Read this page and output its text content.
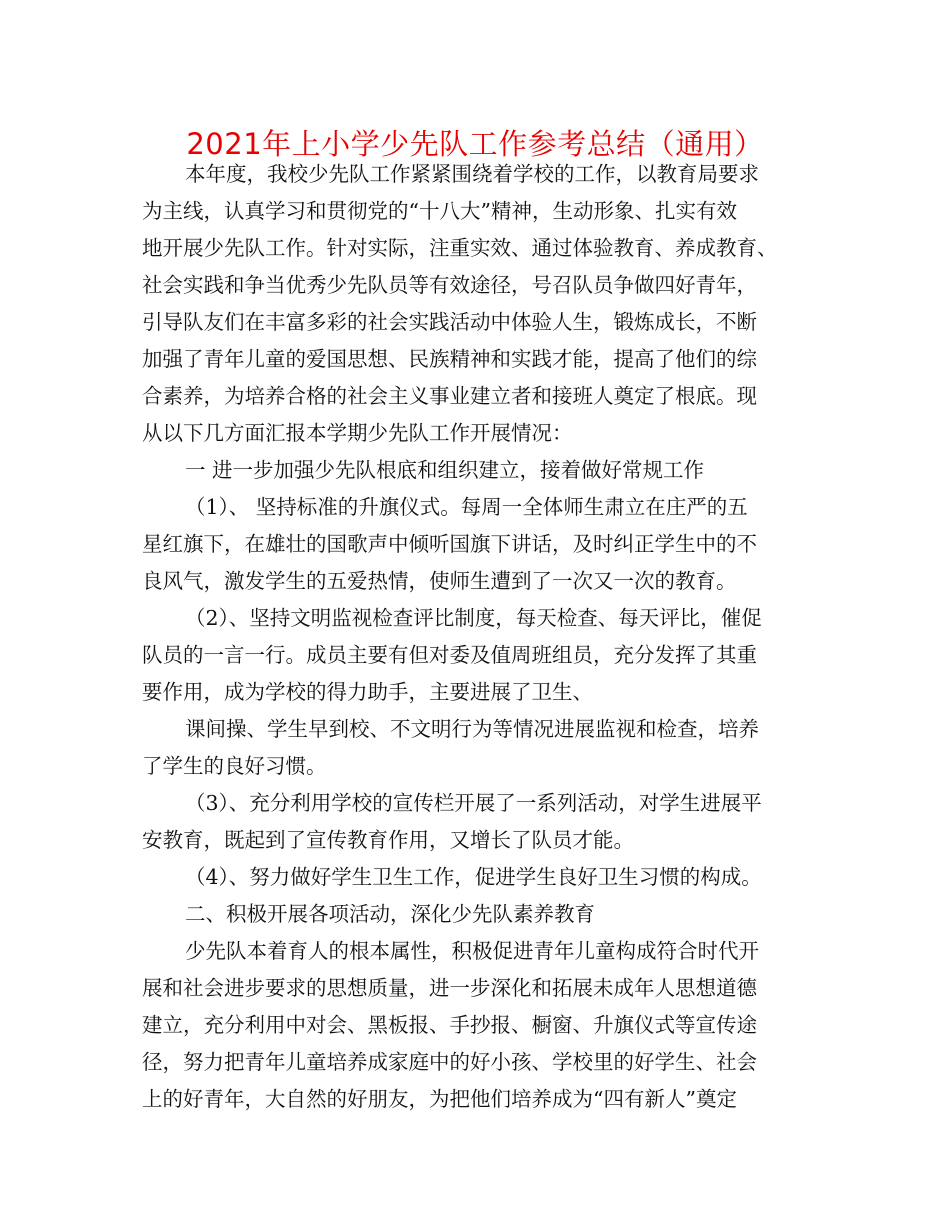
2021年上小学少先队工作参考总结（通用）
本年度，我校少先队工作紧紧围绕着学校的工作，以教育局要求
为主线，认真学习和贯彻党的“十八大”精神，生动形象、扎实有效
地开展少先队工作。针对实际，注重实效、通过体验教育、养成教育、
社会实践和争当优秀少先队员等有效途径，号召队员争做四好青年，
引导队友们在丰富多彩的社会实践活动中体验人生，锻炼成长，不断
加强了青年儿童的爱国思想、民族精神和实践才能，提高了他们的综
合素养，为培养合格的社会主义事业建立者和接班人奠定了根底。现
从以下几方面汇报本学期少先队工作开展情况：
一 进一步加强少先队根底和组织建立，接着做好常规工作
（1）、 坚持标准的升旗仪式。每周一全体师生肃立在庄严的五
星红旗下，在雄壮的国歌声中倾听国旗下讲话，及时纠正学生中的不
良风气，激发学生的五爱热情，使师生遭到了一次又一次的教育。
（2）、坚持文明监视检查评比制度，每天检查、每天评比，催促
队员的一言一行。成员主要有但对委及值周班组员，充分发挥了其重
要作用，成为学校的得力助手，主要进展了卫生、
课间操、学生早到校、不文明行为等情况进展监视和检查，培养
了学生的良好习惯。
（3）、充分利用学校的宣传栏开展了一系列活动，对学生进展平
安教育，既起到了宣传教育作用，又增长了队员才能。
（4）、努力做好学生卫生工作，促进学生良好卫生习惯的构成。
二、积极开展各项活动，深化少先队素养教育
少先队本着育人的根本属性，积极促进青年儿童构成符合时代开
展和社会进步要求的思想质量，进一步深化和拓展未成年人思想道德
建立，充分利用中对会、黑板报、手抄报、橱窗、升旗仪式等宣传途
径，努力把青年儿童培养成家庭中的好小孩、学校里的好学生、社会
上的好青年，大自然的好朋友，为把他们培养成为“四有新人”奠定
